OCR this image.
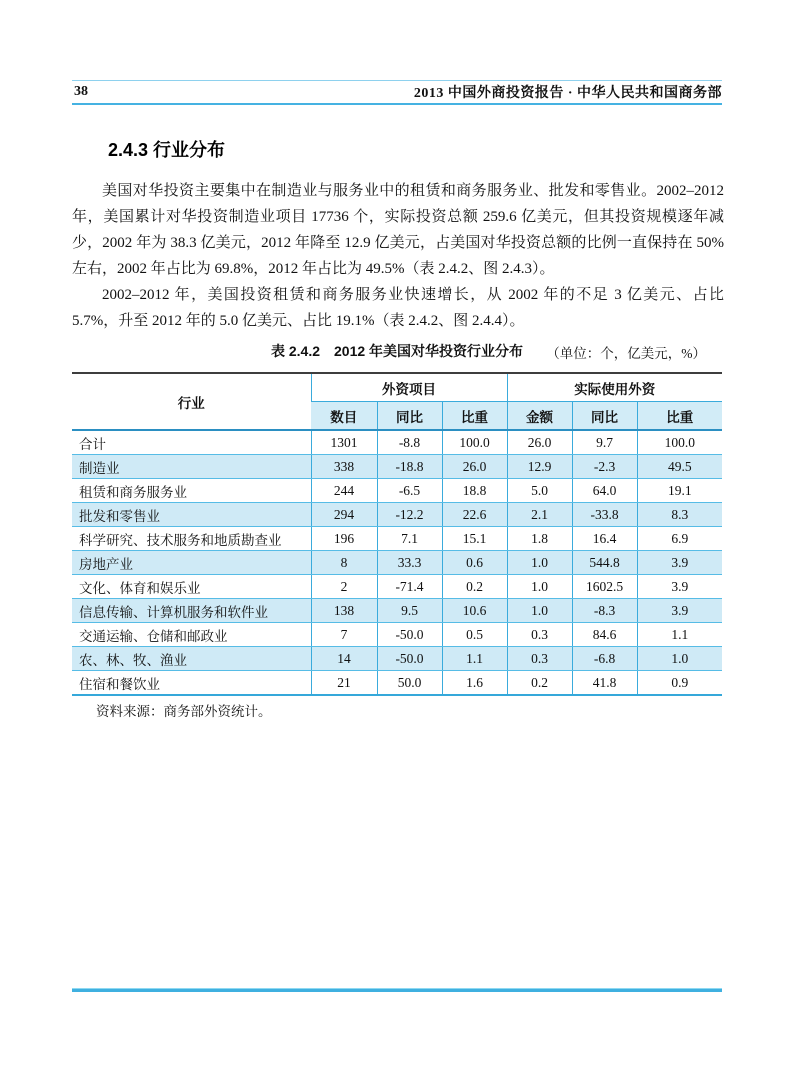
38	2013 中国外商投资报告 · 中华人民共和国商务部
2.4.3 行业分布

美国对华投资主要集中在制造业与服务业中的租赁和商务服务业、批发和零售业。2002–2012 年，美国累计对华投资制造业项目 17736 个，实际投资总额 259.6 亿美元，但其投资规模逐年减少，2002 年为 38.3 亿美元，2012 年降至 12.9 亿美元，占美国对华投资总额的比例一直保持在 50%左右，2002 年占比为 69.8%，2012 年占比为 49.5%（表 2.4.2、图 2.4.3）。

2002–2012 年，美国投资租赁和商务服务业快速增长，从 2002 年的不足 3 亿美元、占比 5.7%，升至 2012 年的 5.0 亿美元、占比 19.1%（表 2.4.2、图 2.4.4）。

表 2.4.2　2012 年美国对华投资行业分布	（单位：个，亿美元，%）
行业	外资项目			实际使用外资		
	数目	同比	比重	金额	同比	比重
合计	1301	-8.8	100.0	26.0	9.7	100.0
制造业	338	-18.8	26.0	12.9	-2.3	49.5
租赁和商务服务业	244	-6.5	18.8	5.0	64.0	19.1
批发和零售业	294	-12.2	22.6	2.1	-33.8	8.3
科学研究、技术服务和地质勘查业	196	7.1	15.1	1.8	16.4	6.9
房地产业	8	33.3	0.6	1.0	544.8	3.9
文化、体育和娱乐业	2	-71.4	0.2	1.0	1602.5	3.9
信息传输、计算机服务和软件业	138	9.5	10.6	1.0	-8.3	3.9
交通运输、仓储和邮政业	7	-50.0	0.5	0.3	84.6	1.1
农、林、牧、渔业	14	-50.0	1.1	0.3	-6.8	1.0
住宿和餐饮业	21	50.0	1.6	0.2	41.8	0.9
资料来源：商务部外资统计。
